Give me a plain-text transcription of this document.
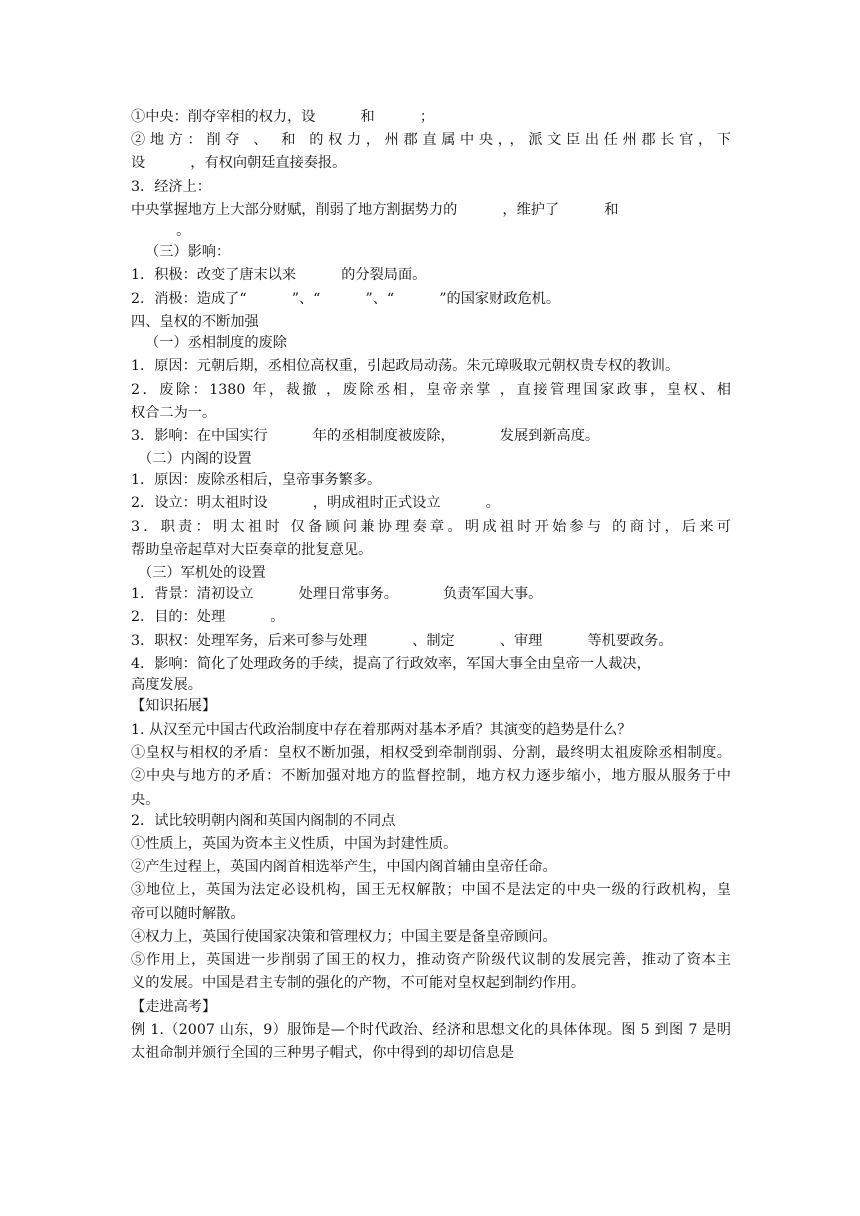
①中央：削夺宰相的权力，设          和          ；
②地方：削夺 、 和 的权力，州郡直属中央，，派文臣出任州郡长官，下
设          ，有权向朝廷直接奏报。
3．经济上：
中央掌握地方上大部分财赋，削弱了地方割据势力的          ，维护了          和
。
（三）影响：
1．积极：改变了唐末以来          的分裂局面。
2．消极：造成了“          ”、“          ”、“          ”的国家财政危机。
四、皇权的不断加强
（一）丞相制度的废除
1．原因：元朝后期，丞相位高权重，引起政局动荡。朱元璋吸取元朝权贵专权的教训。
2．废除：1380 年，裁撤 ，废除丞相，皇帝亲掌 ，直接管理国家政事，皇权、相
权合二为一。
3．影响：在中国实行          年的丞相制度被废除，          发展到新高度。
（二）内阁的设置
1．原因：废除丞相后，皇帝事务繁多。
2．设立：明太祖时设          ，明成祖时正式设立          。
3．职责：明太祖时 仅备顾问兼协理奏章。明成祖时开始参与 的商讨，后来可
帮助皇帝起草对大臣奏章的批复意见。
（三）军机处的设置
1．背景：清初设立          处理日常事务。          负责军国大事。
2．目的：处理          。
3．职权：处理军务，后来可参与处理          、制定          、审理          等机要政务。
4．影响：简化了处理政务的手续，提高了行政效率，军国大事全由皇帝一人裁决，
高度发展。
【知识拓展】
1. 从汉至元中国古代政治制度中存在着那两对基本矛盾？其演变的趋势是什么？
①皇权与相权的矛盾：皇权不断加强，相权受到牵制削弱、分割，最终明太祖废除丞相制度。
②中央与地方的矛盾：不断加强对地方的监督控制，地方权力逐步缩小，地方服从服务于中
央。
2．试比较明朝内阁和英国内阁制的不同点
①性质上，英国为资本主义性质，中国为封建性质。
②产生过程上，英国内阁首相选举产生，中国内阁首辅由皇帝任命。
③地位上，英国为法定必设机构，国王无权解散；中国不是法定的中央一级的行政机构，皇
帝可以随时解散。
④权力上，英国行使国家决策和管理权力；中国主要是备皇帝顾问。
⑤作用上，英国进一步削弱了国王的权力，推动资产阶级代议制的发展完善，推动了资本主
义的发展。中国是君主专制的强化的产物，不可能对皇权起到制约作用。
【走进高考】
例 1.（2007 山东，9）服饰是—个时代政治、经济和思想文化的具体体现。图 5 到图 7 是明
太祖命制并颁行全国的三种男子帽式，你中得到的却切信息是
